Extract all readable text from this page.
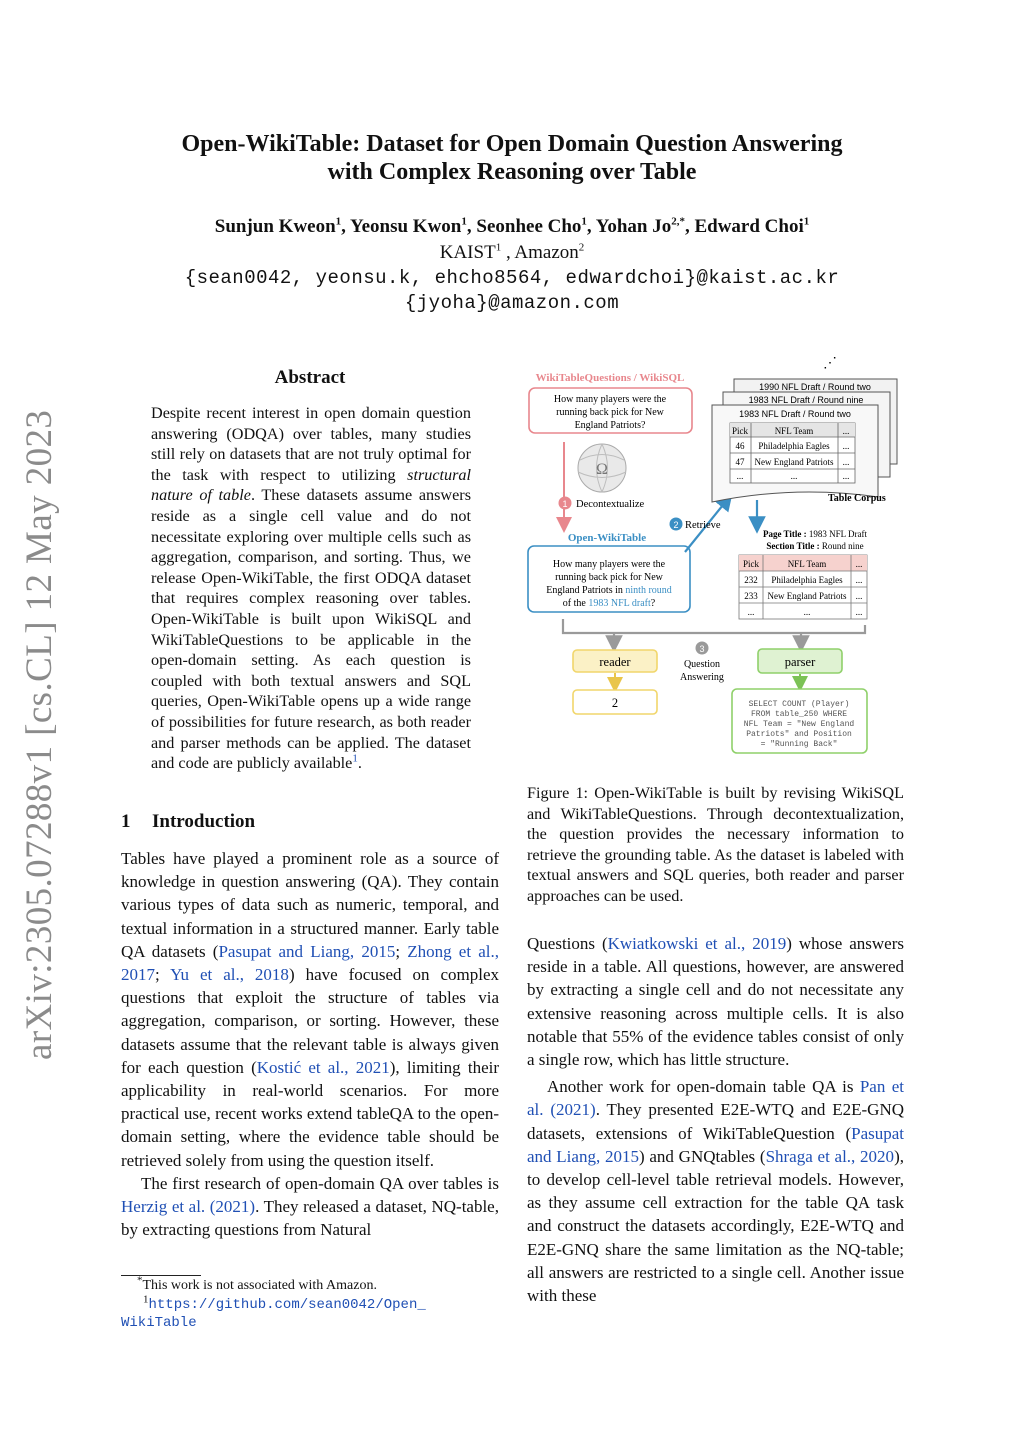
arXiv:2305.07288v1 [cs.CL] 12 May 2023
Open-WikiTable: Dataset for Open Domain Question Answering
with Complex Reasoning over Table
Sunjun Kweon$^1$, Yeonsu Kwon$^1$, Seonhee Cho$^1$, Yohan $Jo^{2,*}$, Edward Choi$^1$
KAIST$^1$ , Amazon$^2$
{sean0042, yeonsu.k, ehcho8564, edwardchoi}@kaist.ac.kr
{jyoha}@amazon.com
Abstract
Despite recent interest in open domain question answering (ODQA) over tables, many studies still rely on datasets that are not truly optimal for the task with respect to utilizing structural nature of table. These datasets assume answers reside as a single cell value and do not necessitate exploring over multiple cells such as aggregation, comparison, and sorting. Thus, we release Open-WikiTable, the first ODQA dataset that requires complex reasoning over tables. Open-WikiTable is built upon WikiSQL and WikiTableQuestions to be applicable in the open-domain setting. As each question is coupled with both textual answers and SQL queries, Open-WikiTable opens up a wide range of possibilities for future research, as both reader and parser methods can be applied. The dataset and code are publicly available$^1$.
1 Introduction

Tables have played a prominent role as a source of knowledge in question answering (QA). They contain various types of data such as numeric, temporal, and textual information in a structured manner. Early table QA datasets (Pasupat and Liang, 2015; Zhong et al., 2017; Yu et al., 2018) have focused on complex questions that exploit the structure of tables via aggregation, comparison, or sorting. However, these datasets assume that the relevant table is always given for each question (Kostić et al., 2021), limiting their applicability in real-world scenarios. For more practical use, recent works extend tableQA to the open-domain setting, where the evidence table should be retrieved solely from using the question itself.

The first research of open-domain QA over tables is Herzig et al. (2021). They released a dataset, NQ-table, by extracting questions from Natural

*This work is not associated with Amazon.
$^1$https://github.com/sean0042/Open_
WikiTable
WikiTableQuestions / WikiSQL
How many players were the
running back pick for New
England Patriots?
Ω
1 Decontextualize
Open-WikiTable
How many players were the
running back pick for New
England Patriots in ninth round
of the 1983 NFL draft?
2 Retrieve
⋰
1990 NFL Draft / Round two
1983 NFL Draft / Round nine
1983 NFL Draft / Round two
Pick	NFL Team	...
46 Philadelphia Eagles ...
47 New England Patriots ...
...	...	...
Table Corpus
Page Title : 1983 NFL Draft
Section Title : Round nine
Pick	NFL Team	...
232 Philadelphia Eagles ...
233 New England Patriots ...
...	...	...
3
Question
Answering
reader
2
parser
SELECT COUNT (Player)
FROM table_250 WHERE
NFL Team = "New England
Patriots" and Position
= "Running Back"
Figure 1: Open-WikiTable is built by revising WikiSQL and WikiTableQuestions. Through decontextualization, the question provides the necessary information to retrieve the grounding table. As the dataset is labeled with textual answers and SQL queries, both reader and parser approaches can be used.

Questions (Kwiatkowski et al., 2019) whose answers reside in a table. All questions, however, are answered by extracting a single cell and do not necessitate any extensive reasoning across multiple cells. It is also notable that 55% of the evidence tables consist of only a single row, which has little structure.

Another work for open-domain table QA is Pan et al. (2021). They presented E2E-WTQ and E2E-GNQ datasets, extensions of WikiTableQuestion (Pasupat and Liang, 2015) and GNQtables (Shraga et al., 2020), to develop cell-level table retrieval models. However, as they assume cell extraction for the table QA task and construct the datasets accordingly, E2E-WTQ and E2E-GNQ share the same limitation as the NQ-table; all answers are restricted to a single cell. Another issue with these
